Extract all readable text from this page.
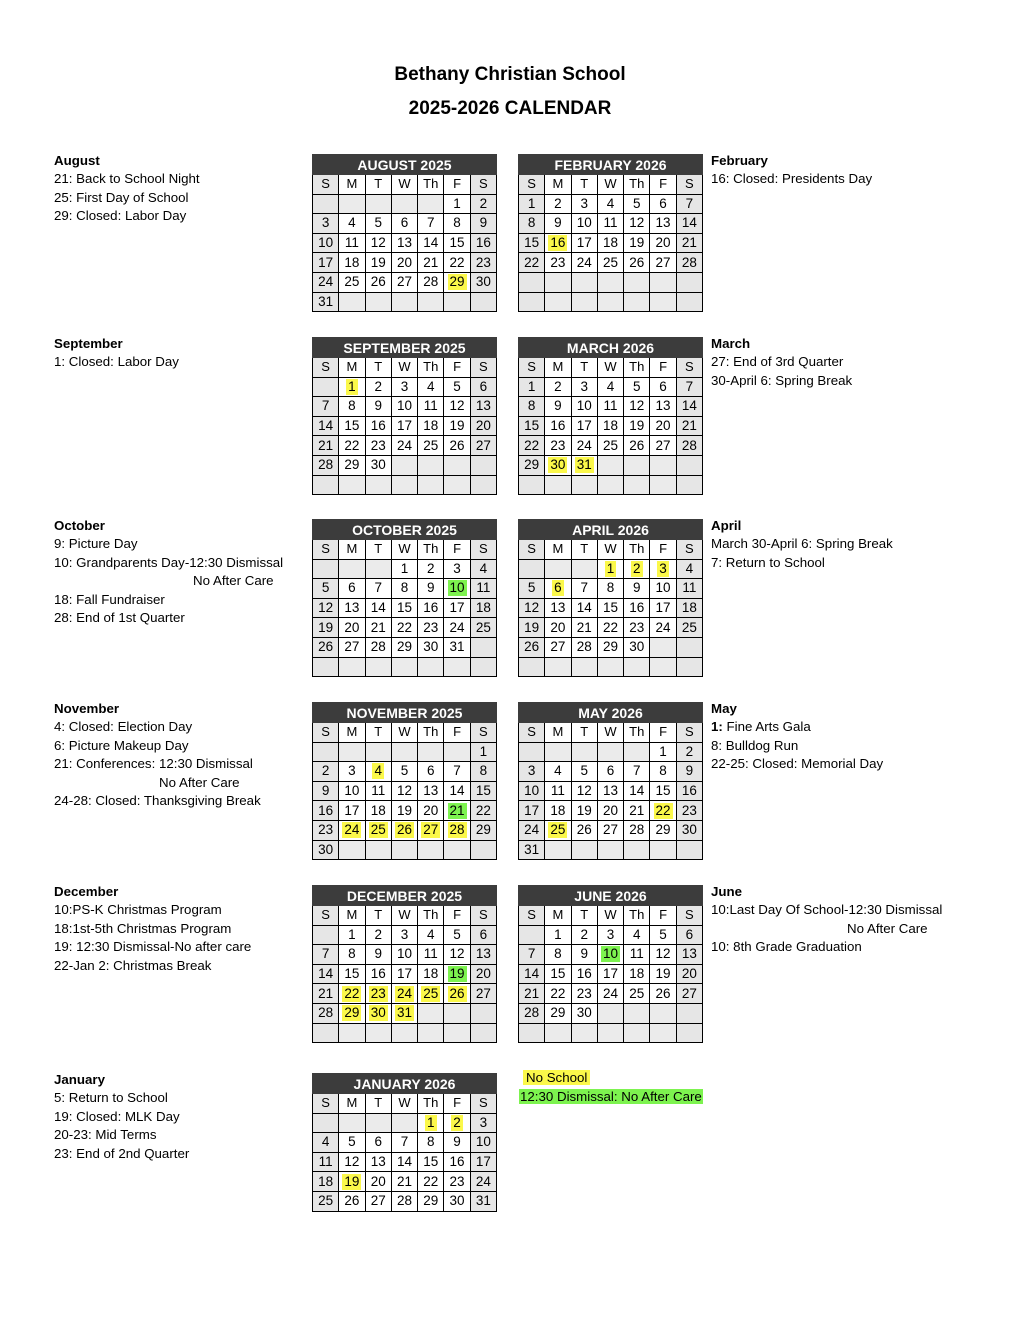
Bethany Christian School
2025-2026 CALENDAR
August
21: Back to School Night
25: First Day of School
29: Closed: Labor Day
September
1: Closed: Labor Day
October
9: Picture Day
10: Grandparents Day-12:30 Dismissal
No After Care
18: Fall Fundraiser
28: End of 1st Quarter
November
4: Closed: Election Day
6: Picture Makeup Day
21: Conferences: 12:30 Dismissal
No After Care
24-28: Closed: Thanksgiving Break
December
10:PS-K Christmas Program
18:1st-5th Christmas Program
19: 12:30 Dismissal-No after care
22-Jan 2: Christmas Break
January
5: Return to School
19: Closed: MLK Day
20-23: Mid Terms
23: End of 2nd Quarter
February
16: Closed: Presidents Day
March
27: End of 3rd Quarter
30-April 6: Spring Break
April
March 30-April 6: Spring Break
7: Return to School
May
1: Fine Arts Gala
8: Bulldog Run
22-25: Closed: Memorial Day
June
10:Last Day Of School-12:30 Dismissal
No After Care
10: 8th Grade Graduation
AUGUST 2025						
S	M	T	W	Th	F	S
					1	2
3	4	5	6	7	8	9
10	11	12	13	14	15	16
17	18	19	20	21	22	23
24	25	26	27	28	29	30
31						
SEPTEMBER 2025						
S	M	T	W	Th	F	S
	1	2	3	4	5	6
7	8	9	10	11	12	13
14	15	16	17	18	19	20
21	22	23	24	25	26	27
28	29	30				

OCTOBER 2025						
S	M	T	W	Th	F	S
			1	2	3	4
5	6	7	8	9	10	11
12	13	14	15	16	17	18
19	20	21	22	23	24	25
26	27	28	29	30	31	

NOVEMBER 2025						
S	M	T	W	Th	F	S
						1
2	3	4	5	6	7	8
9	10	11	12	13	14	15
16	17	18	19	20	21	22
23	24	25	26	27	28	29
30						
DECEMBER 2025						
S	M	T	W	Th	F	S
	1	2	3	4	5	6
7	8	9	10	11	12	13
14	15	16	17	18	19	20
21	22	23	24	25	26	27
28	29	30	31			

JANUARY 2026						
S	M	T	W	Th	F	S
				1	2	3
4	5	6	7	8	9	10
11	12	13	14	15	16	17
18	19	20	21	22	23	24
25	26	27	28	29	30	31
FEBRUARY 2026						
S	M	T	W	Th	F	S
1	2	3	4	5	6	7
8	9	10	11	12	13	14
15	16	17	18	19	20	21
22	23	24	25	26	27	28

MARCH 2026						
S	M	T	W	Th	F	S
1	2	3	4	5	6	7
8	9	10	11	12	13	14
15	16	17	18	19	20	21
22	23	24	25	26	27	28
29	30	31				

APRIL 2026						
S	M	T	W	Th	F	S
			1	2	3	4
5	6	7	8	9	10	11
12	13	14	15	16	17	18
19	20	21	22	23	24	25
26	27	28	29	30		

MAY 2026						
S	M	T	W	Th	F	S
					1	2
3	4	5	6	7	8	9
10	11	12	13	14	15	16
17	18	19	20	21	22	23
24	25	26	27	28	29	30
31						
JUNE 2026						
S	M	T	W	Th	F	S
	1	2	3	4	5	6
7	8	9	10	11	12	13
14	15	16	17	18	19	20
21	22	23	24	25	26	27
28	29	30				

No School
12:30 Dismissal: No After Care
